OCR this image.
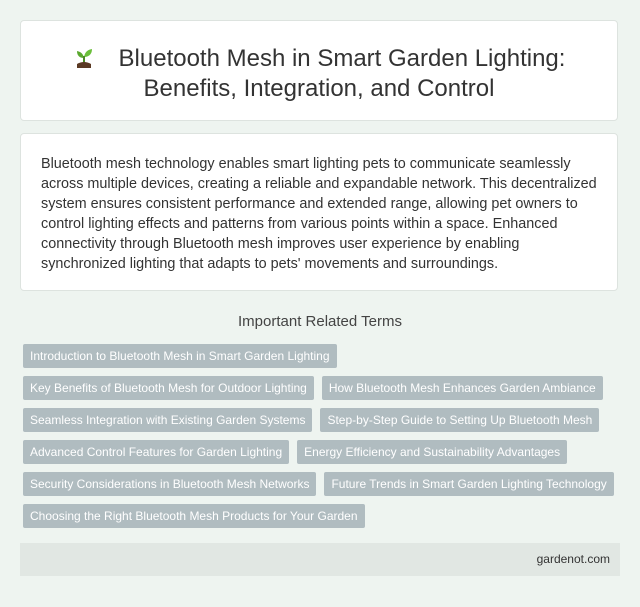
Bluetooth Mesh in Smart Garden Lighting:
Benefits, Integration, and Control

Bluetooth mesh technology enables smart lighting pets to communicate seamlessly across multiple devices, creating a reliable and expandable network. This decentralized system ensures consistent performance and extended range, allowing pet owners to control lighting effects and patterns from various points within a space. Enhanced connectivity through Bluetooth mesh improves user experience by enabling synchronized lighting that adapts to pets' movements and surroundings.

Important Related Terms
Introduction to Bluetooth Mesh in Smart Garden Lighting
Key Benefits of Bluetooth Mesh for Outdoor Lighting	How Bluetooth Mesh Enhances Garden Ambiance
Seamless Integration with Existing Garden Systems	Step-by-Step Guide to Setting Up Bluetooth Mesh
Advanced Control Features for Garden Lighting	Energy Efficiency and Sustainability Advantages
Security Considerations in Bluetooth Mesh Networks	Future Trends in Smart Garden Lighting Technology
Choosing the Right Bluetooth Mesh Products for Your Garden
gardenot.com
